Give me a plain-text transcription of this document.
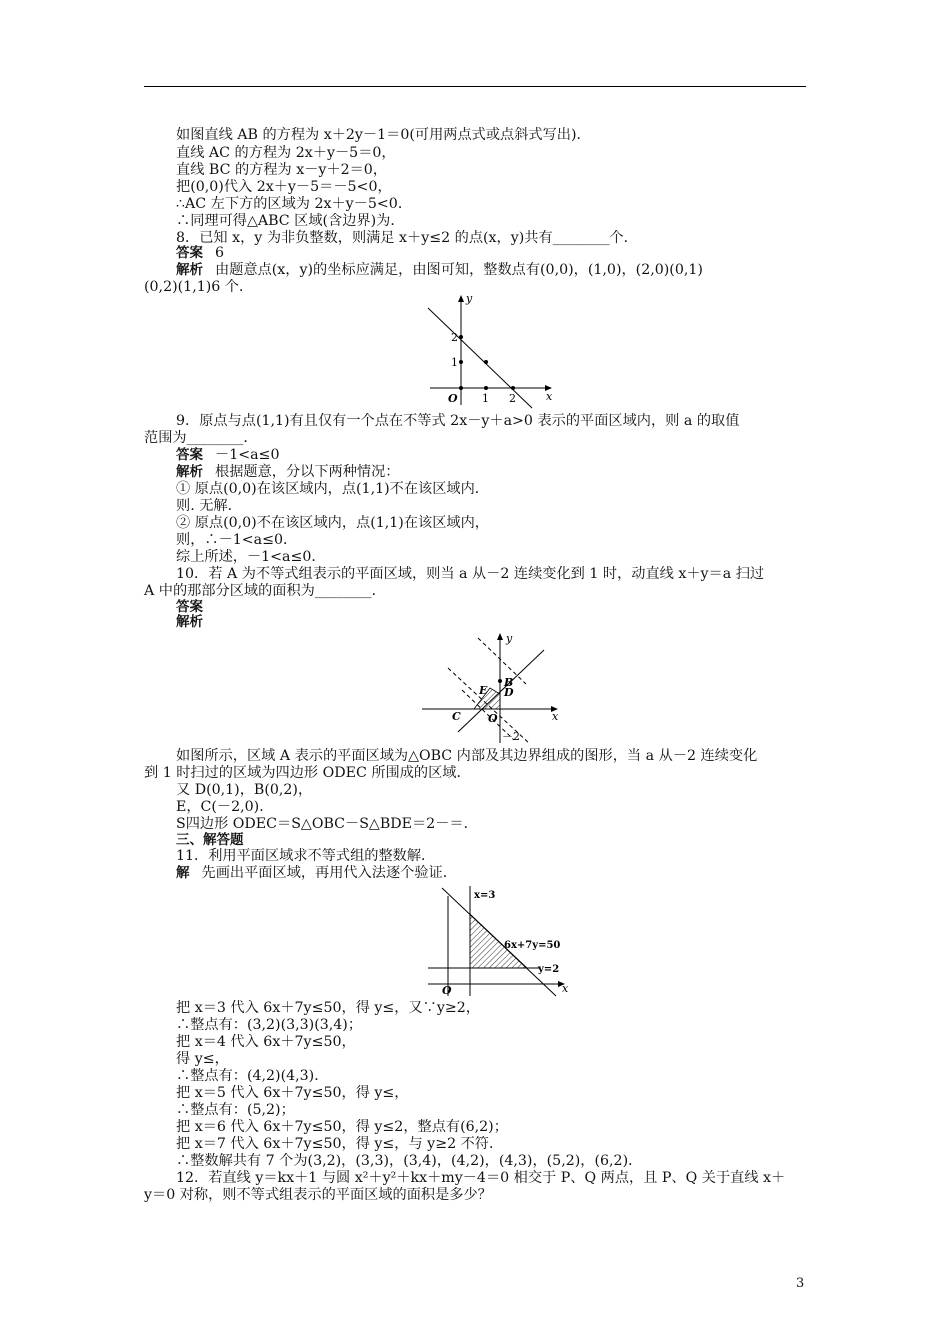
如图直线 AB 的方程为 x＋2y－1＝0(可用两点式或点斜式写出)．
直线 AC 的方程为 2x＋y－5＝0，
直线 BC 的方程为 x－y＋2＝0，
把(0,0)代入 2x＋y－5＝－5<0，
∴AC 左下方的区域为 2x＋y－5<0．
∴同理可得△ABC 区域(含边界)为．
8．已知 x，y 为非负整数，则满足 x＋y≤2 的点(x，y)共有________个．
答案 6
解析 由题意点(x，y)的坐标应满足，由图可知，整数点有(0,0)，(1,0)，(2,0)(0,1)
(0,2)(1,1)6 个．
y
x
O 1 2
1
2
9．原点与点(1,1)有且仅有一个点在不等式 2x－y＋a>0 表示的平面区域内，则 a 的取值
范围为________．
答案 －1<a≤0
解析 根据题意，分以下两种情况：
① 原点(0,0)在该区域内，点(1,1)不在该区域内．
则. 无解．
② 原点(0,0)不在该区域内，点(1,1)在该区域内，
则，∴－1<a≤0．
综上所述，－1<a≤0．
10．若 A 为不等式组表示的平面区域，则当 a 从－2 连续变化到 1 时，动直线 x＋y＝a 扫过
A 中的那部分区域的面积为________．
答案
解析
y
x
O
B
D
E
C
－2
如图所示，区域 A 表示的平面区域为△OBC 内部及其边界组成的图形，当 a 从－2 连续变化
到 1 时扫过的区域为四边形 ODEC 所围成的区域．
又 D(0,1)，B(0,2)，
E，C(－2,0)．
S四边形 ODEC＝S△OBC－S△BDE＝2－＝．
三、解答题
11．利用平面区域求不等式组的整数解．
解 先画出平面区域，再用代入法逐个验证．
x=3
6x+7y=50
y=2
x
O
把 x＝3 代入 6x＋7y≤50，得 y≤，又∵y≥2，
∴整点有：(3,2)(3,3)(3,4)；
把 x＝4 代入 6x＋7y≤50，
得 y≤，
∴整点有：(4,2)(4,3)．
把 x＝5 代入 6x＋7y≤50，得 y≤，
∴整点有：(5,2)；
把 x＝6 代入 6x＋7y≤50，得 y≤2，整点有(6,2)；
把 x＝7 代入 6x＋7y≤50，得 y≤，与 y≥2 不符．
∴整数解共有 7 个为(3,2)，(3,3)，(3,4)，(4,2)，(4,3)，(5,2)，(6,2)．
12．若直线 y＝kx＋1 与圆 x²＋y²＋kx＋my－4＝0 相交于 P、Q 两点，且 P、Q 关于直线 x＋
y＝0 对称，则不等式组表示的平面区域的面积是多少？
3
